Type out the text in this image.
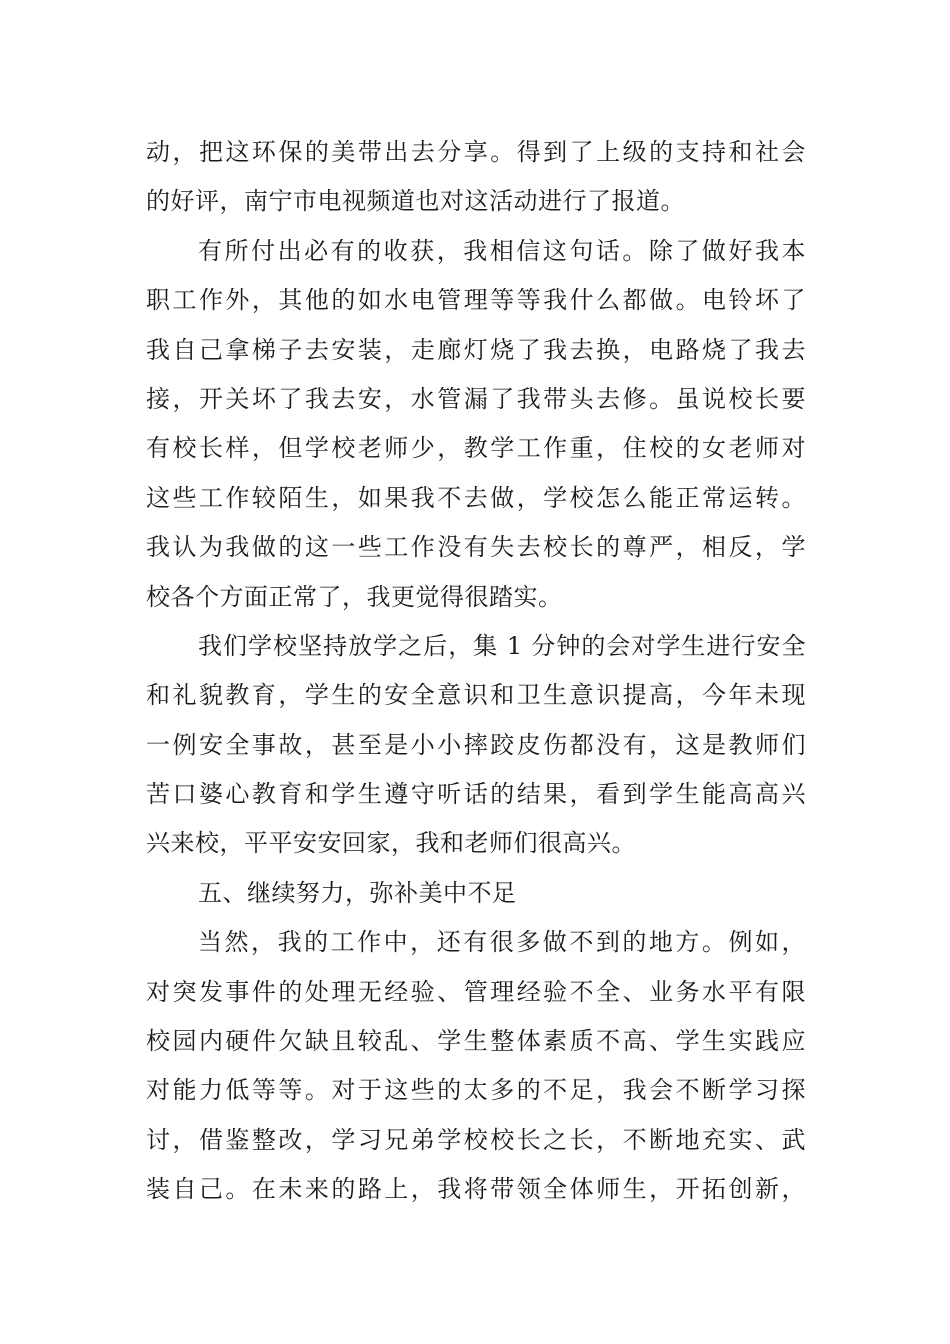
动，把这环保的美带出去分享。得到了上级的支持和社会
的好评，南宁市电视频道也对这活动进行了报道。
有所付出必有的收获，我相信这句话。除了做好我本
职工作外，其他的如水电管理等等我什么都做。电铃坏了
我自己拿梯子去安装，走廊灯烧了我去换，电路烧了我去
接，开关坏了我去安，水管漏了我带头去修。虽说校长要
有校长样，但学校老师少，教学工作重，住校的女老师对
这些工作较陌生，如果我不去做，学校怎么能正常运转。
我认为我做的这一些工作没有失去校长的尊严，相反，学
校各个方面正常了，我更觉得很踏实。
我们学校坚持放学之后，集 1 分钟的会对学生进行安全
和礼貌教育，学生的安全意识和卫生意识提高，今年未现
一例安全事故，甚至是小小摔跤皮伤都没有，这是教师们
苦口婆心教育和学生遵守听话的结果，看到学生能高高兴
兴来校，平平安安回家，我和老师们很高兴。
五、继续努力，弥补美中不足
当然，我的工作中，还有很多做不到的地方。例如，
对突发事件的处理无经验、管理经验不全、业务水平有限
校园内硬件欠缺且较乱、学生整体素质不高、学生实践应
对能力低等等。对于这些的太多的不足，我会不断学习探
讨，借鉴整改，学习兄弟学校校长之长，不断地充实、武
装自己。在未来的路上，我将带领全体师生，开拓创新，
